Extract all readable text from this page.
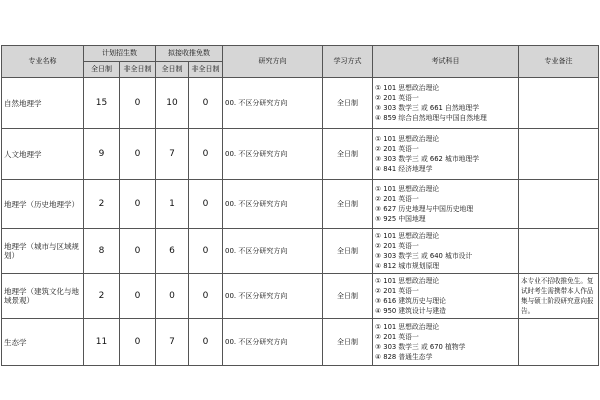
专业名称	计划招生数		拟接收推免数		研究方向	学习方式	考试科目	专业备注
	全日制	非全日制	全日制	非全日制				
自然地理学	15	0	10	0	00. 不区分研究方向	全日制	① 101 思想政治理论
② 201 英语一
③ 303 数学三 或 661 自然地理学
④ 859 综合自然地理与中国自然地理	

人文地理学	9	0	7	0	00. 不区分研究方向	全日制	① 101 思想政治理论
② 201 英语一
③ 303 数学三 或 662 城市地理学
④ 841 经济地理学	

地理学（历史地理学）	2	0	1	0	00. 不区分研究方向	全日制	① 101 思想政治理论
② 201 英语一
③ 627 历史地理与中国历史地理
⑤ 925 中国地理	

地理学（城市与区域规划）	8	0	6	0	00. 不区分研究方向	全日制	① 101 思想政治理论
② 201 英语一
③ 303 数学三 或 640 城市设计
④ 812 城市规划原理	

地理学（建筑文化与地域景观）	2	0	0	0	00. 不区分研究方向	全日制	① 101 思想政治理论
② 201 英语一
③ 616 建筑历史与理论
④ 950 建筑设计与建造	本专业不招收推免生。复试时考生需携带本人作品集与硕士阶段研究意向报告。
生态学	11	0	7	0	00. 不区分研究方向	全日制	① 101 思想政治理论
② 201 英语一
③ 303 数学三 或 670 植物学
④ 828 普通生态学	
